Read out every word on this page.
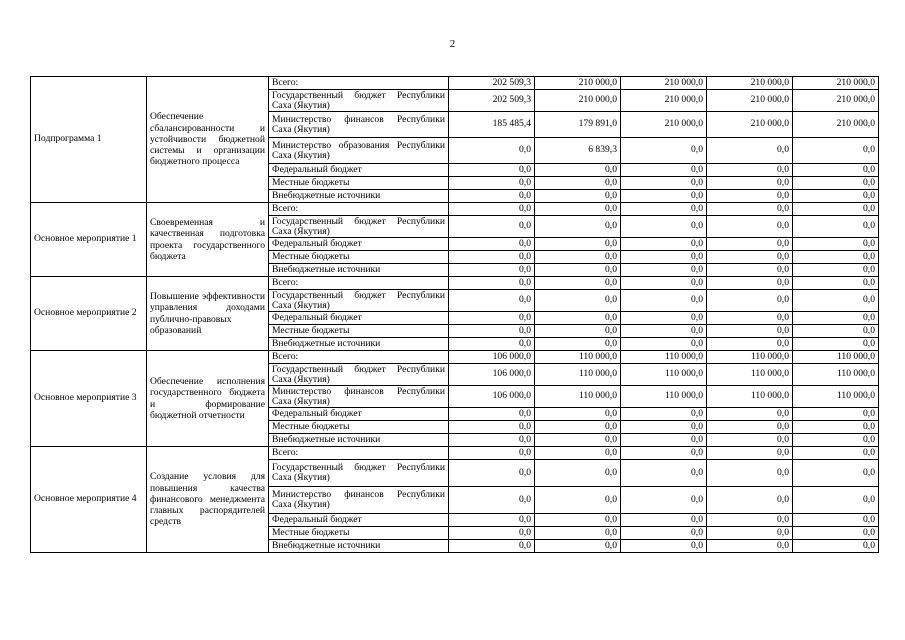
2
Подпрограмма 1	Обеспечение сбалансированности и устойчивости бюджетной системы и организации бюджетного процесса	Всего:	202 509,3	210 000,0	210 000,0	210 000,0	210 000,0
		Государственный бюджет Республики Саха (Якутия)	202 509,3	210 000,0	210 000,0	210 000,0	210 000,0
		Министерство финансов Республики Саха (Якутия)	185 485,4	179 891,0	210 000,0	210 000,0	210 000,0
		Министерство образования Республики Саха (Якутия)	0,0	6 839,3	0,0	0,0	0,0
		Федеральный бюджет	0,0	0,0	0,0	0,0	0,0
		Местные бюджеты	0,0	0,0	0,0	0,0	0,0
		Внебюджетные источники	0,0	0,0	0,0	0,0	0,0
Основное мероприятие 1	Своевременная и качественная подготовка проекта государственного бюджета	Всего:	0,0	0,0	0,0	0,0	0,0
		Государственный бюджет Республики Саха (Якутия)	0,0	0,0	0,0	0,0	0,0
		Федеральный бюджет	0,0	0,0	0,0	0,0	0,0
		Местные бюджеты	0,0	0,0	0,0	0,0	0,0
		Внебюджетные источники	0,0	0,0	0,0	0,0	0,0
Основное мероприятие 2	Повышение эффективности управления доходами публично-правовых образований	Всего:	0,0	0,0	0,0	0,0	0,0
		Государственный бюджет Республики Саха (Якутия)	0,0	0,0	0,0	0,0	0,0
		Федеральный бюджет	0,0	0,0	0,0	0,0	0,0
		Местные бюджеты	0,0	0,0	0,0	0,0	0,0
		Внебюджетные источники	0,0	0,0	0,0	0,0	0,0
Основное мероприятие 3	Обеспечение исполнения государственного бюджета и формирование бюджетной отчетности	Всего:	106 000,0	110 000,0	110 000,0	110 000,0	110 000,0
		Государственный бюджет Республики Саха (Якутия)	106 000,0	110 000,0	110 000,0	110 000,0	110 000,0
		Министерство финансов Республики Саха (Якутия)	106 000,0	110 000,0	110 000,0	110 000,0	110 000,0
		Федеральный бюджет	0,0	0,0	0,0	0,0	0,0
		Местные бюджеты	0,0	0,0	0,0	0,0	0,0
		Внебюджетные источники	0,0	0,0	0,0	0,0	0,0
Основное мероприятие 4	Создание условия для повышения качества финансового менеджмента главных распорядителей средств	Всего:	0,0	0,0	0,0	0,0	0,0
		Государственный бюджет Республики Саха (Якутия)	0,0	0,0	0,0	0,0	0,0
		Министерство финансов Республики Саха (Якутия)	0,0	0,0	0,0	0,0	0,0
		Федеральный бюджет	0,0	0,0	0,0	0,0	0,0
		Местные бюджеты	0,0	0,0	0,0	0,0	0,0
		Внебюджетные источники	0,0	0,0	0,0	0,0	0,0
